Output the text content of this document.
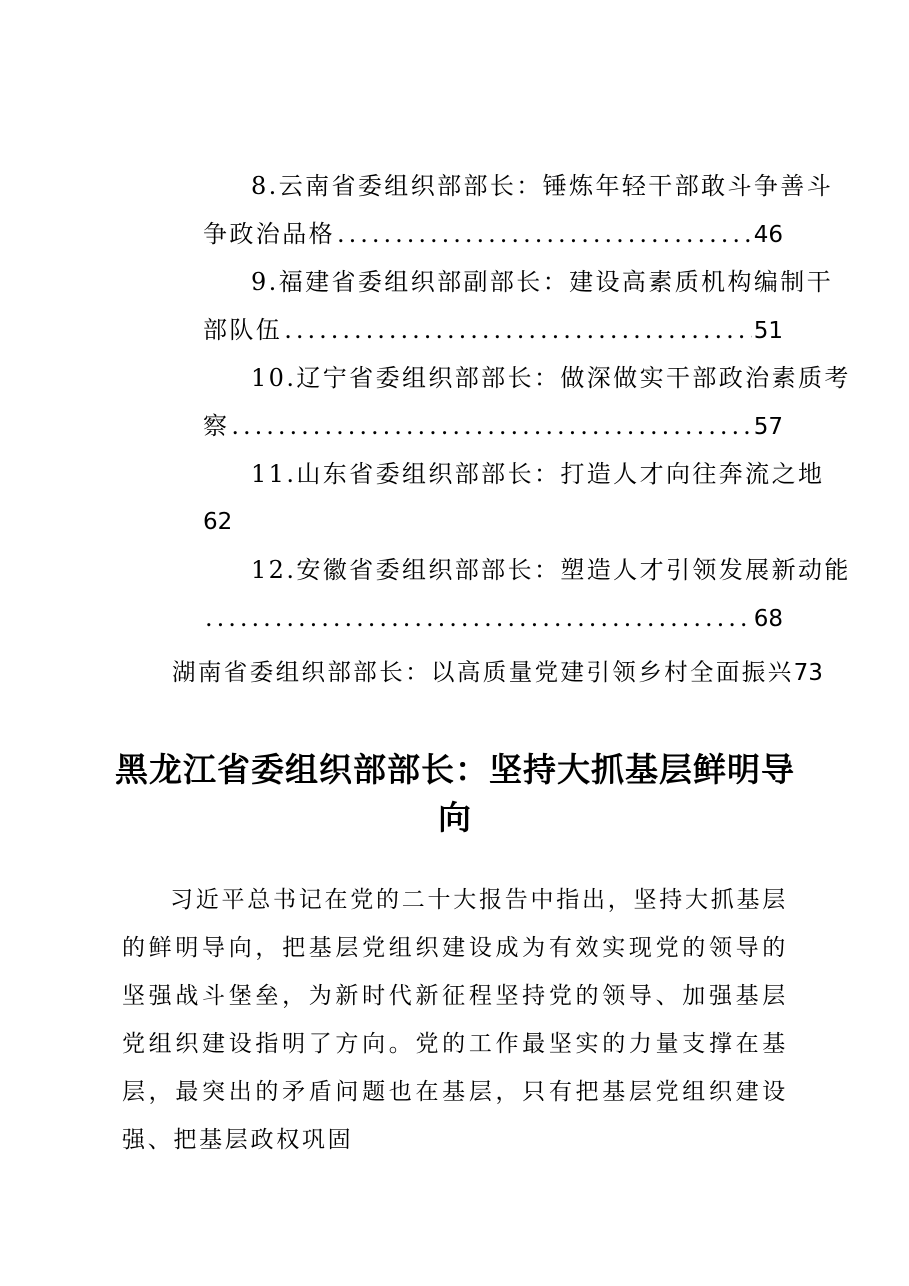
8.云南省委组织部部长：锤炼年轻干部敢斗争善斗
争政治品格 .....	46
9.福建省委组织部副部长：建设高素质机构编制干
部队伍 .....	51
10.辽宁省委组织部部长：做深做实干部政治素质考
察 .....	57
11.山东省委组织部部长：打造人才向往奔流之地
62
12.安徽省委组织部部长：塑造人才引领发展新动能
.....
68
湖南省委组织部部长：以高质量党建引领乡村全面振兴73
黑龙江省委组织部部长：坚持大抓基层鲜明导向

习近平总书记在党的二十大报告中指出，坚持大抓基层的鲜明导向，把基层党组织建设成为有效实现党的领导的坚强战斗堡垒，为新时代新征程坚持党的领导、加强基层党组织建设指明了方向。党的工作最坚实的力量支撑在基层，最突出的矛盾问题也在基层，只有把基层党组织建设强、把基层政权巩固
